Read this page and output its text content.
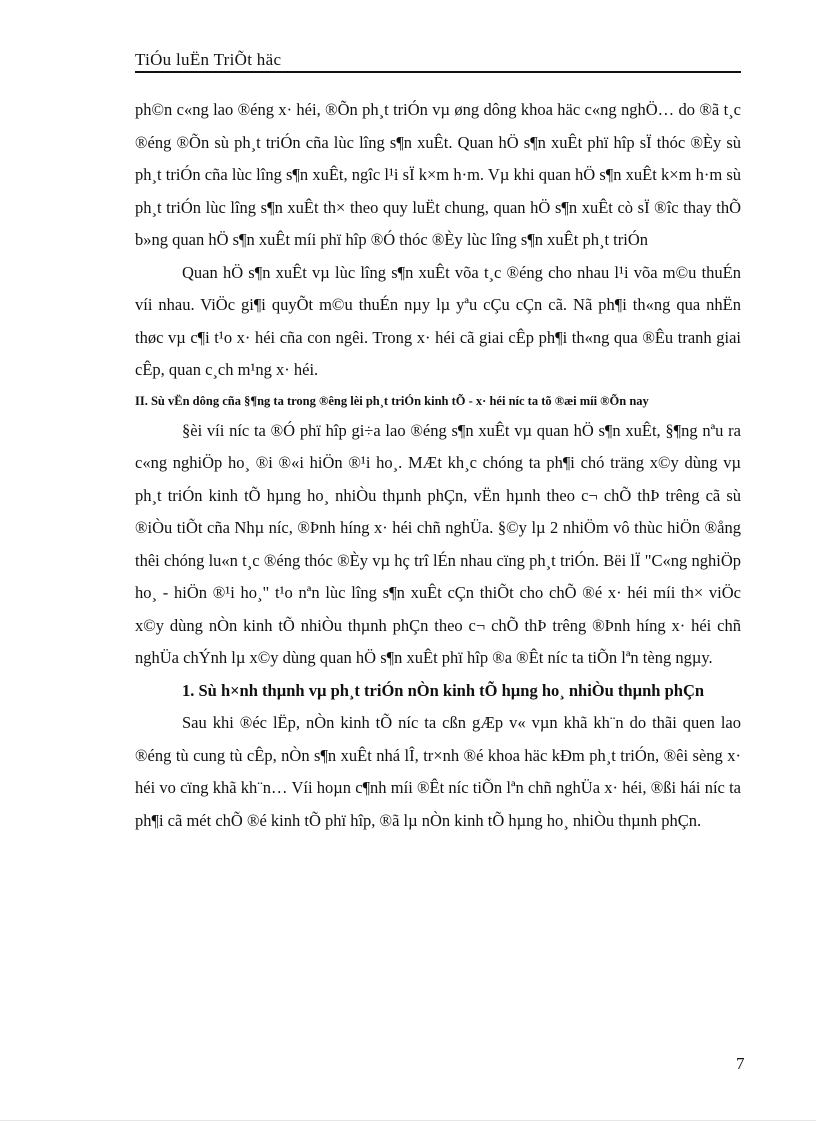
TiÓu luËn TriÕt häc

ph©n c«ng lao ®éng x· héi, ®Õn ph¸t triÓn vµ øng dông khoa häc c«ng nghÖ… do ®ã t¸c ®éng ®Õn sù ph¸t triÓn cña lùc lîng s¶n xuÊt. Quan hÖ s¶n xuÊt phï hîp sÏ thóc ®Èy sù ph¸t triÓn cña lùc lîng s¶n xuÊt, ngîc l¹i sÏ k×m h·m. Vµ khi quan hÖ s¶n xuÊt k×m h·m sù ph¸t triÓn lùc lîng s¶n xuÊt th× theo quy luËt chung, quan hÖ s¶n xuÊt cò sÏ ®îc thay thÕ b»ng quan hÖ s¶n xuÊt míi phï hîp ®Ó thóc ®Èy lùc lîng s¶n xuÊt ph¸t triÓn

Quan hÖ s¶n xuÊt vµ lùc lîng s¶n xuÊt võa t¸c ®éng cho nhau l¹i võa m©u thuÉn víi nhau. ViÖc gi¶i quyÕt m©u thuÉn nµy lµ yªu cÇu cÇn cã. Nã ph¶i th«ng qua nhËn thøc vµ c¶i t¹o x· héi cña con ngêi. Trong x· héi cã giai cÊp ph¶i th«ng qua ®Êu tranh giai cÊp, quan c¸ch m¹ng x· héi.

II. Sù vËn dông cña §¶ng ta trong ®êng lèi ph¸t triÓn kinh tÕ - x· héi níc ta tõ ®æi míi ®Õn nay

§èi víi níc ta ®Ó phï hîp gi÷a lao ®éng s¶n xuÊt vµ quan hÖ s¶n xuÊt, §¶ng nªu ra c«ng nghiÖp ho¸ ®i ®«i hiÖn ®¹i ho¸. MÆt kh¸c chóng ta ph¶i chó träng x©y dùng vµ ph¸t triÓn kinh tÕ hµng ho¸ nhiÒu thµnh phÇn, vËn hµnh theo c¬ chÕ thÞ trêng cã sù ®iÒu tiÕt cña Nhµ níc, ®Þnh híng x· héi chñ nghÜa. §©y lµ 2 nhiÖm vô thùc hiÖn ®ång thêi chóng lu«n t¸c ®éng thóc ®Èy vµ hç trî lÉn nhau cïng ph¸t triÓn. Bëi lÏ "C«ng nghiÖp ho¸ - hiÖn ®¹i ho¸" t¹o nªn lùc lîng s¶n xuÊt cÇn thiÕt cho chÕ ®é x· héi míi th× viÖc x©y dùng nÒn kinh tÕ nhiÒu thµnh phÇn theo c¬ chÕ thÞ trêng ®Þnh híng x· héi chñ nghÜa chÝnh lµ x©y dùng quan hÖ s¶n xuÊt phï hîp ®a ®Êt níc ta tiÕn lªn tèng ngµy.

1. Sù h×nh thµnh vµ ph¸t triÓn nÒn kinh tÕ hµng ho¸ nhiÒu thµnh phÇn

Sau khi ®éc lËp, nÒn kinh tÕ níc ta cßn gÆp v« vµn khã kh¨n do thãi quen lao ®éng tù cung tù cÊp, nÒn s¶n xuÊt nhá lÎ, tr×nh ®é khoa häc kÐm ph¸t triÓn, ®êi sèng x· héi vo cïng khã kh¨n… Víi hoµn c¶nh míi ®Êt níc tiÕn lªn chñ nghÜa x· héi, ®ßi hái níc ta ph¶i cã mét chÕ ®é kinh tÕ phï hîp, ®ã lµ nÒn kinh tÕ hµng ho¸ nhiÒu thµnh phÇn.

7
